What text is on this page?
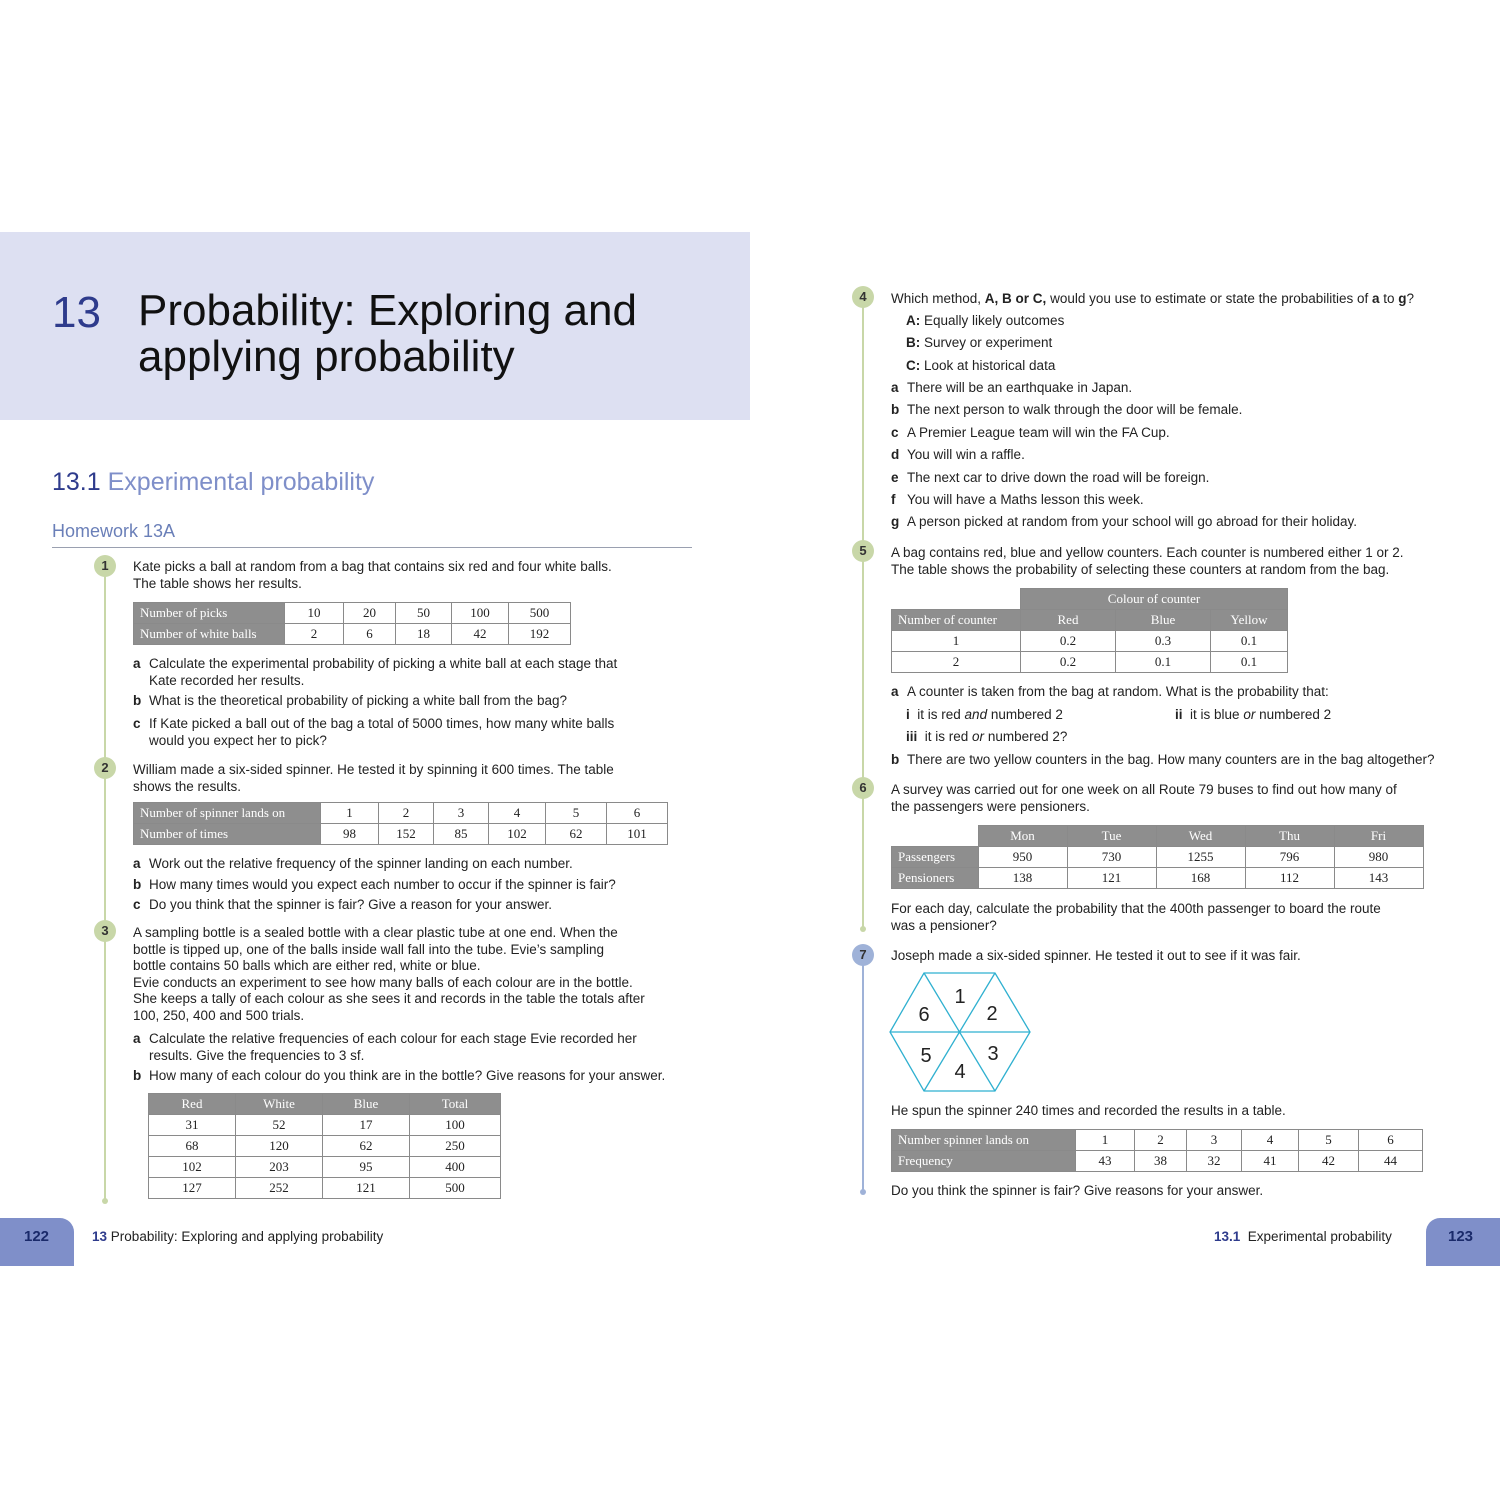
13 Probability: Exploring and
applying probability
13.1 Experimental probability
Homework 13A
1	Kate picks a ball at random from a bag that contains six red and four white balls.
The table shows her results.
Number of picks	10	20	50	100	500
Number of white balls	2	6	18	42	192
a Calculate the experimental probability of picking a white ball at each stage that
Kate recorded her results.
b What is the theoretical probability of picking a white ball from the bag?
c If Kate picked a ball out of the bag a total of 5000 times, how many white balls
would you expect her to pick?
2	William made a six-sided spinner. He tested it by spinning it 600 times. The table
shows the results.
Number of spinner lands on	1	2	3	4	5	6
Number of times	98	152	85	102	62	101
a Work out the relative frequency of the spinner landing on each number.
b How many times would you expect each number to occur if the spinner is fair?
c Do you think that the spinner is fair? Give a reason for your answer.
3	A sampling bottle is a sealed bottle with a clear plastic tube at one end. When the
bottle is tipped up, one of the balls inside wall fall into the tube. Evie’s sampling
bottle contains 50 balls which are either red, white or blue.
Evie conducts an experiment to see how many balls of each colour are in the bottle.
She keeps a tally of each colour as she sees it and records in the table the totals after
100, 250, 400 and 500 trials.
a Calculate the relative frequencies of each colour for each stage Evie recorded her
results. Give the frequencies to 3 sf.
b How many of each colour do you think are in the bottle? Give reasons for your answer.
Red	White	Blue	Total
31	52	17	100
68	120	62	250
102	203	95	400
127	252	121	500
4	Which method, A, B or C, would you use to estimate or state the probabilities of a to g?
A: Equally likely outcomes
B: Survey or experiment
C: Look at historical data
a There will be an earthquake in Japan.
b The next person to walk through the door will be female.
c A Premier League team will win the FA Cup.
d You will win a raffle.
e The next car to drive down the road will be foreign.
f You will have a Maths lesson this week.
g A person picked at random from your school will go abroad for their holiday.
5	A bag contains red, blue and yellow counters. Each counter is numbered either 1 or 2.
The table shows the probability of selecting these counters at random from the bag.
	Colour of counter		
Number of counter	Red	Blue	Yellow
1	0.2	0.3	0.1
2	0.2	0.1	0.1
a A counter is taken from the bag at random. What is the probability that:
i it is red and numbered 2	ii it is blue or numbered 2
iii it is red or numbered 2?
b There are two yellow counters in the bag. How many counters are in the bag altogether?
6	A survey was carried out for one week on all Route 79 buses to find out how many of
the passengers were pensioners.
	Mon	Tue	Wed	Thu	Fri
Passengers	950	730	1255	796	980
Pensioners	138	121	168	112	143
For each day, calculate the probability that the 400th passenger to board the route
was a pensioner?
7	Joseph made a six-sided spinner. He tested it out to see if it was fair.
1
2
3
4
5
6
He spun the spinner 240 times and recorded the results in a table.
Number spinner lands on	1	2	3	4	5	6
Frequency	43	38	32	41	42	44
Do you think the spinner is fair? Give reasons for your answer.
122	13 Probability: Exploring and applying probability	13.1 Experimental probability	123
